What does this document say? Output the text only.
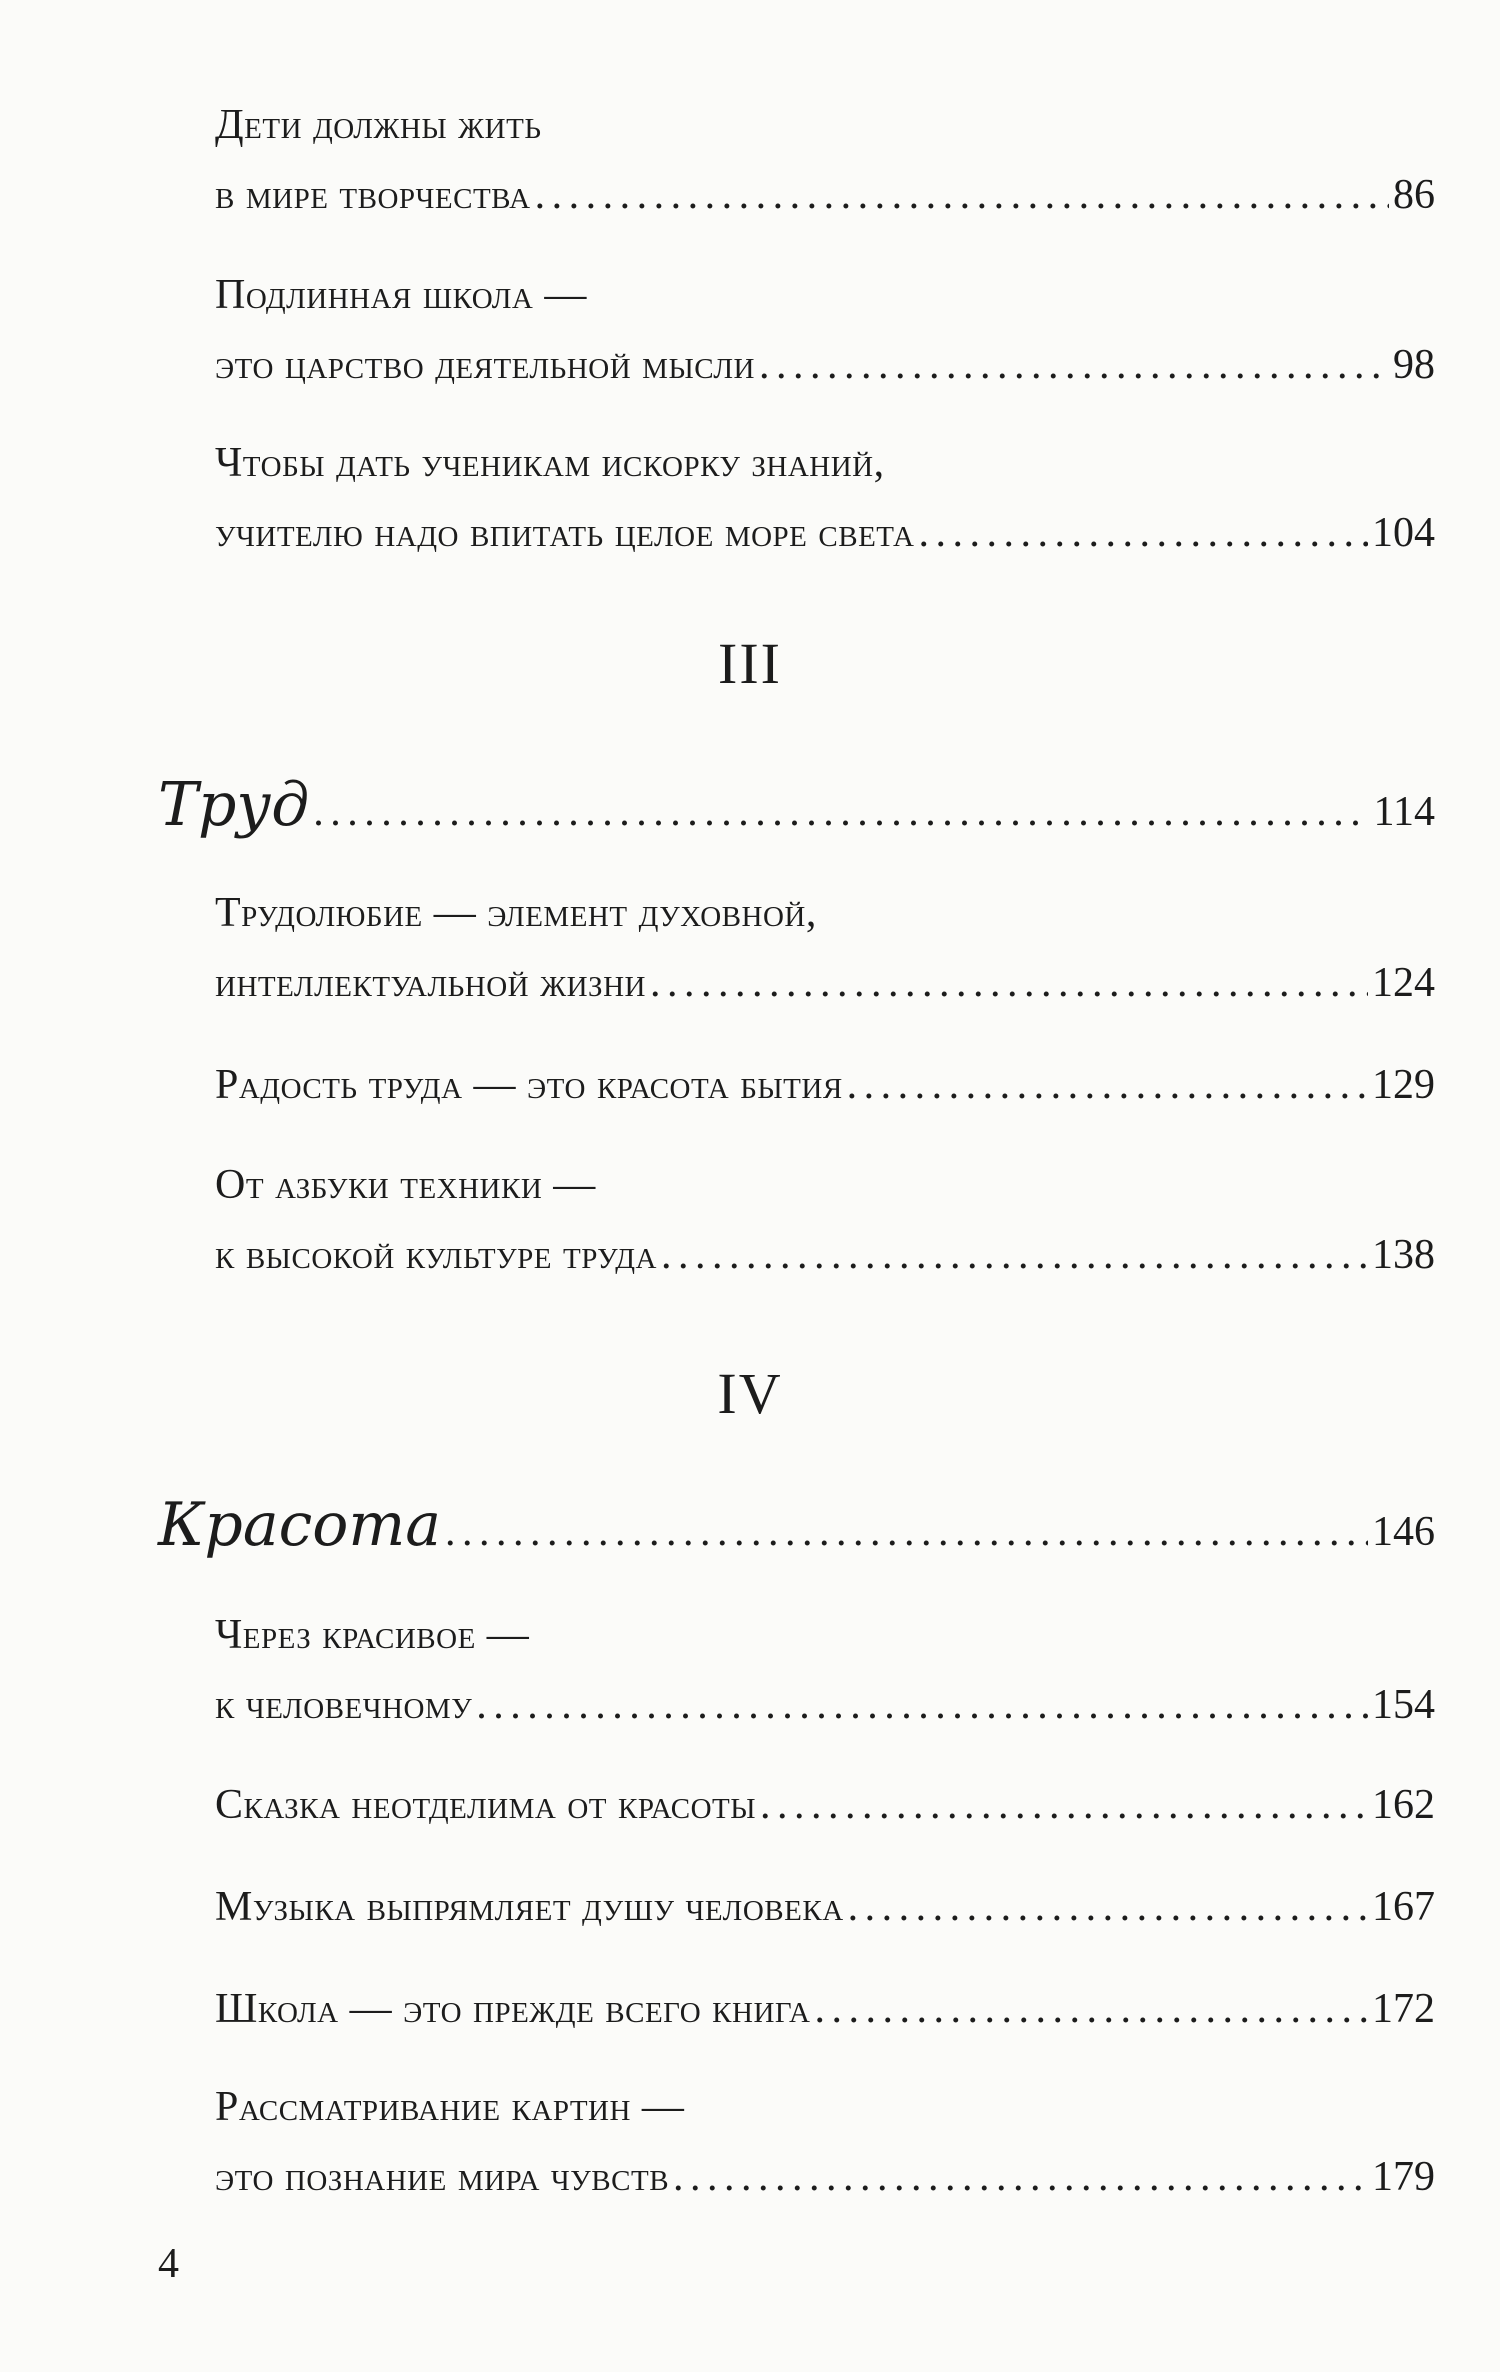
Дети должны жить
в мире творчества . . .	86
Подлинная школа —
это царство деятельной мысли . . .	98
Чтобы дать ученикам искорку знаний,
учителю надо впитать целое море света . . .	104
III
Труд . . .	114
Трудолюбие — элемент духовной,
интеллектуальной жизни . . .	124
Радость труда — это красота бытия . . .	129
От азбуки техники —
к высокой культуре труда . . .	138
IV
Красота . . .	146
Через красивое —
к человечному . . .	154
Сказка неотделима от красоты . . .	162
Музыка выпрямляет душу человека . . .	167
Школа — это прежде всего книга . . .	172
Рассматривание картин —
это познание мира чувств . . .	179
4
